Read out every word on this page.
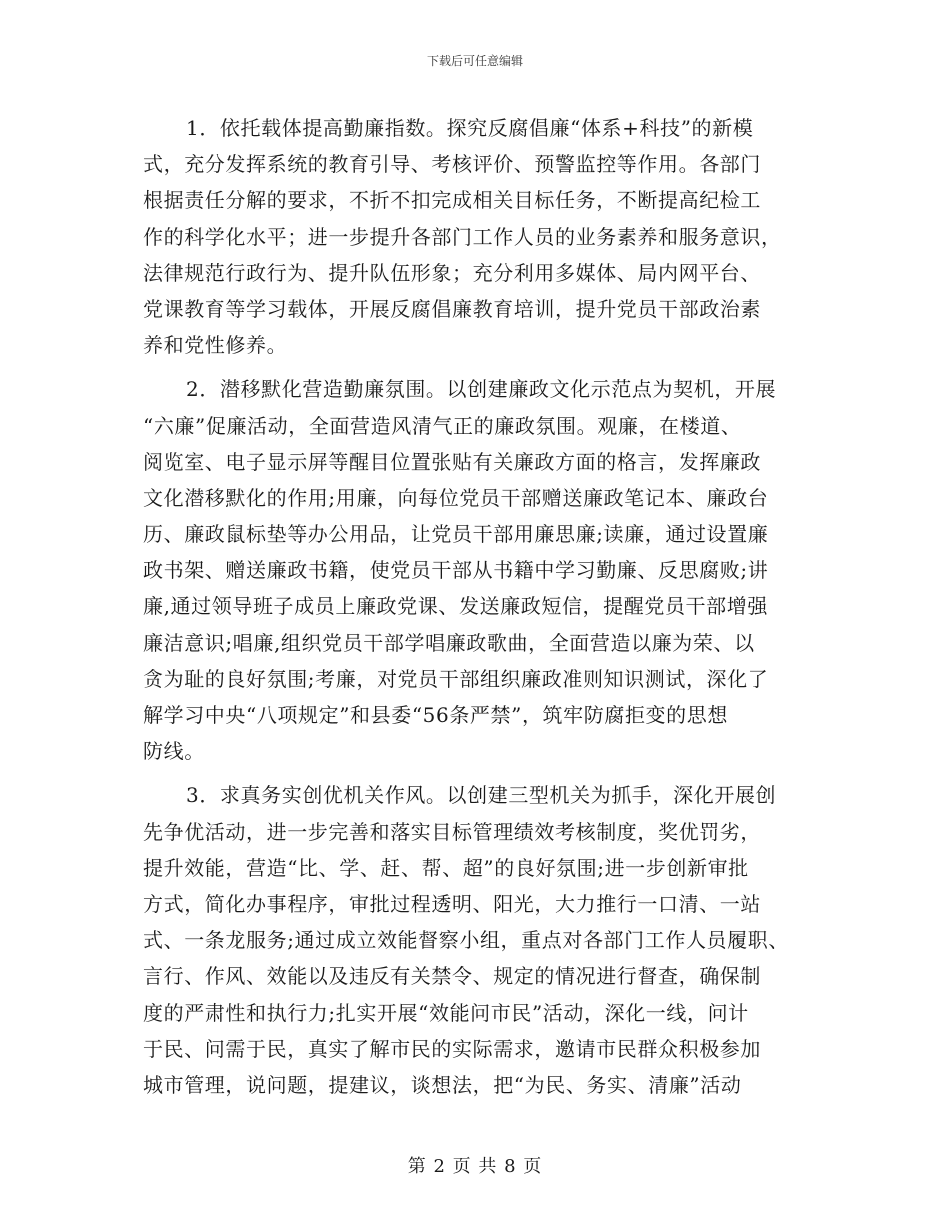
下载后可任意编辑
1．依托载体提高勤廉指数。探究反腐倡廉“体系+科技”的新模
式，充分发挥系统的教育引导、考核评价、预警监控等作用。各部门
根据责任分解的要求，不折不扣完成相关目标任务，不断提高纪检工
作的科学化水平；进一步提升各部门工作人员的业务素养和服务意识，
法律规范行政行为、提升队伍形象；充分利用多媒体、局内网平台、
党课教育等学习载体，开展反腐倡廉教育培训，提升党员干部政治素
养和党性修养。
2．潜移默化营造勤廉氛围。以创建廉政文化示范点为契机，开展
“六廉”促廉活动，全面营造风清气正的廉政氛围。观廉，在楼道、
阅览室、电子显示屏等醒目位置张贴有关廉政方面的格言，发挥廉政
文化潜移默化的作用;用廉，向每位党员干部赠送廉政笔记本、廉政台
历、廉政鼠标垫等办公用品，让党员干部用廉思廉;读廉，通过设置廉
政书架、赠送廉政书籍，使党员干部从书籍中学习勤廉、反思腐败;讲
廉,通过领导班子成员上廉政党课、发送廉政短信，提醒党员干部增强
廉洁意识;唱廉,组织党员干部学唱廉政歌曲，全面营造以廉为荣、以
贪为耻的良好氛围;考廉，对党员干部组织廉政准则知识测试，深化了
解学习中央“八项规定”和县委“56条严禁”，筑牢防腐拒变的思想
防线。
3．求真务实创优机关作风。以创建三型机关为抓手，深化开展创
先争优活动，进一步完善和落实目标管理绩效考核制度，奖优罚劣，
提升效能，营造“比、学、赶、帮、超”的良好氛围;进一步创新审批
方式，简化办事程序，审批过程透明、阳光，大力推行一口清、一站
式、一条龙服务;通过成立效能督察小组，重点对各部门工作人员履职、
言行、作风、效能以及违反有关禁令、规定的情况进行督查，确保制
度的严肃性和执行力;扎实开展“效能问市民”活动，深化一线，问计
于民、问需于民，真实了解市民的实际需求，邀请市民群众积极参加
城市管理，说问题，提建议，谈想法，把“为民、务实、清廉”活动
第 2 页 共 8 页
